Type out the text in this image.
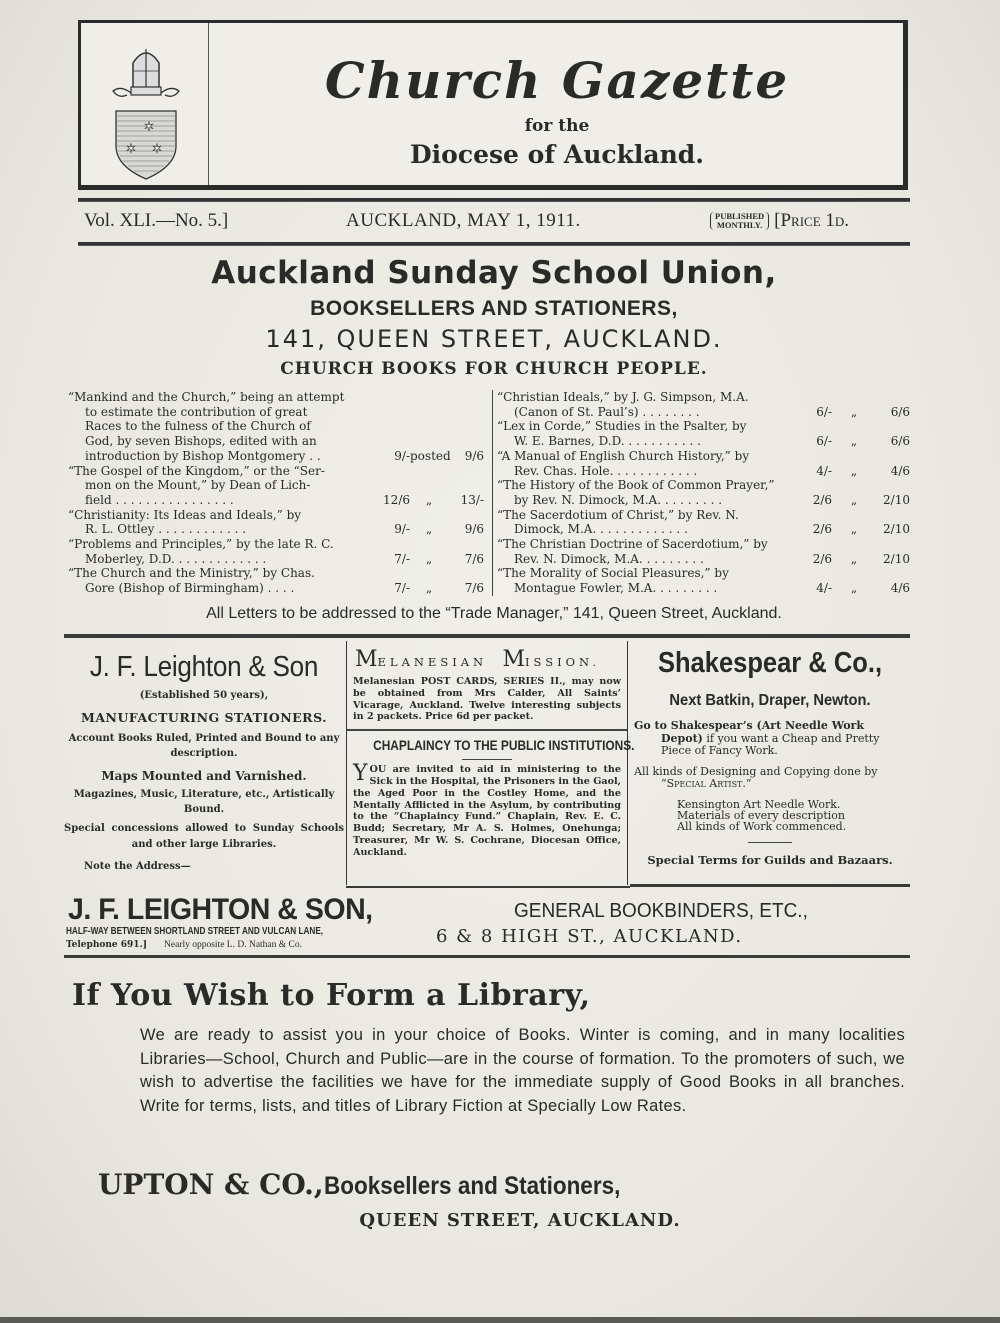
✶
✶ ✶
Church Gazette
for the
Diocese of Auckland.
Vol. XLI.—No. 5.]	AUCKLAND, MAY 1, 1911.	PUBLISHED
MONTHLY. [Price 1d.
Auckland Sunday School Union,
BOOKSELLERS AND STATIONERS,
141, QUEEN STREET, AUCKLAND.
CHURCH BOOKS FOR CHURCH PEOPLE.
“Mankind and the Church,” being an attempt
to estimate the contribution of great
Races to the fulness of the Church of
God, by seven Bishops, edited with an
introduction by Bishop Montgomery . .	9/- posted	9/6
“The Gospel of the Kingdom,” or the “Ser-
mon on the Mount,” by Dean of Lich-
field . . . . . . . . . . . . . . . .	12/6	„	13/-
“Christianity: Its Ideas and Ideals,” by
R. L. Ottley . . . . . . . . . . . .	9/-	„	9/6
“Problems and Principles,” by the late R. C.
Moberley, D.D. . . . . . . . . . . . .	7/-	„	7/6
“The Church and the Ministry,” by Chas.
Gore (Bishop of Birmingham) . . . .	7/-	„	7/6
“Christian Ideals,” by J. G. Simpson, M.A.
(Canon of St. Paul’s) . . . . . . . .	6/-	„	6/6
“Lex in Corde,” Studies in the Psalter, by
W. E. Barnes, D.D. . . . . . . . . . .	6/-	„	6/6
“A Manual of English Church History,” by
Rev. Chas. Hole. . . . . . . . . . . .	4/-	„	4/6
“The History of the Book of Common Prayer,”
by Rev. N. Dimock, M.A. . . . . . . . .	2/6	„	2/10
“The Sacerdotium of Christ,” by Rev. N.
Dimock, M.A. . . . . . . . . . . . .	2/6	„	2/10
“The Christian Doctrine of Sacerdotium,” by
Rev. N. Dimock, M.A. . . . . . . . .	2/6	„	2/10
“The Morality of Social Pleasures,” by
Montague Fowler, M.A. . . . . . . . .	4/-	„	4/6
All Letters to be addressed to the “Trade Manager,” 141, Queen Street, Auckland.
J. F. Leighton & Son
(Established 50 years),
MANUFACTURING STATIONERS.
Account Books Ruled, Printed and Bound to any description.
Maps Mounted and Varnished.
Magazines, Music, Literature, etc., Artistically Bound.
Special concessions allowed to Sunday Schools and other large Libraries.
Note the Address—
MELANESIAN MISSION.
Melanesian POST CARDS, SERIES II., may now be obtained from Mrs Calder, All Saints’ Vicarage, Auckland. Twelve interesting subjects in 2 packets. Price 6d per packet.
CHAPLAINCY TO THE PUBLIC INSTITUTIONS.
YOU are invited to aid in ministering to the Sick in the Hospital, the Prisoners in the Gaol, the Aged Poor in the Costley Home, and the Mentally Afflicted in the Asylum, by contributing to the “Chaplaincy Fund.” Chaplain, Rev. E. C. Budd; Secretary, Mr A. S. Holmes, Onehunga; Treasurer, Mr W. S. Cochrane, Diocesan Office, Auckland.
Shakespear & Co.,
Next Batkin, Draper, Newton.
Go to Shakespear’s (Art Needle Work
Depot) if you want a Cheap and Pretty
Piece of Fancy Work.
All kinds of Designing and Copying done by
“Special Artist.”
Kensington Art Needle Work.
Materials of every description
All kinds of Work commenced.
Special Terms for Guilds and Bazaars.
J. F. LEIGHTON & SON,	GENERAL BOOKBINDERS, ETC.,
HALF-WAY BETWEEN SHORTLAND STREET AND VULCAN LANE,
Telephone 691.] Nearly opposite L. D. Nathan & Co.	6 & 8 HIGH ST., AUCKLAND.
If You Wish to Form a Library,
We are ready to assist you in your choice of Books. Winter is coming, and in many localities Libraries—School, Church and Public—are in the course of formation. To the promoters of such, we wish to advertise the facilities we have for the immediate supply of Good Books in all branches. Write for terms, lists, and titles of Library Fiction at Specially Low Rates.
UPTON & CO.,Booksellers and Stationers,
QUEEN STREET, AUCKLAND.
